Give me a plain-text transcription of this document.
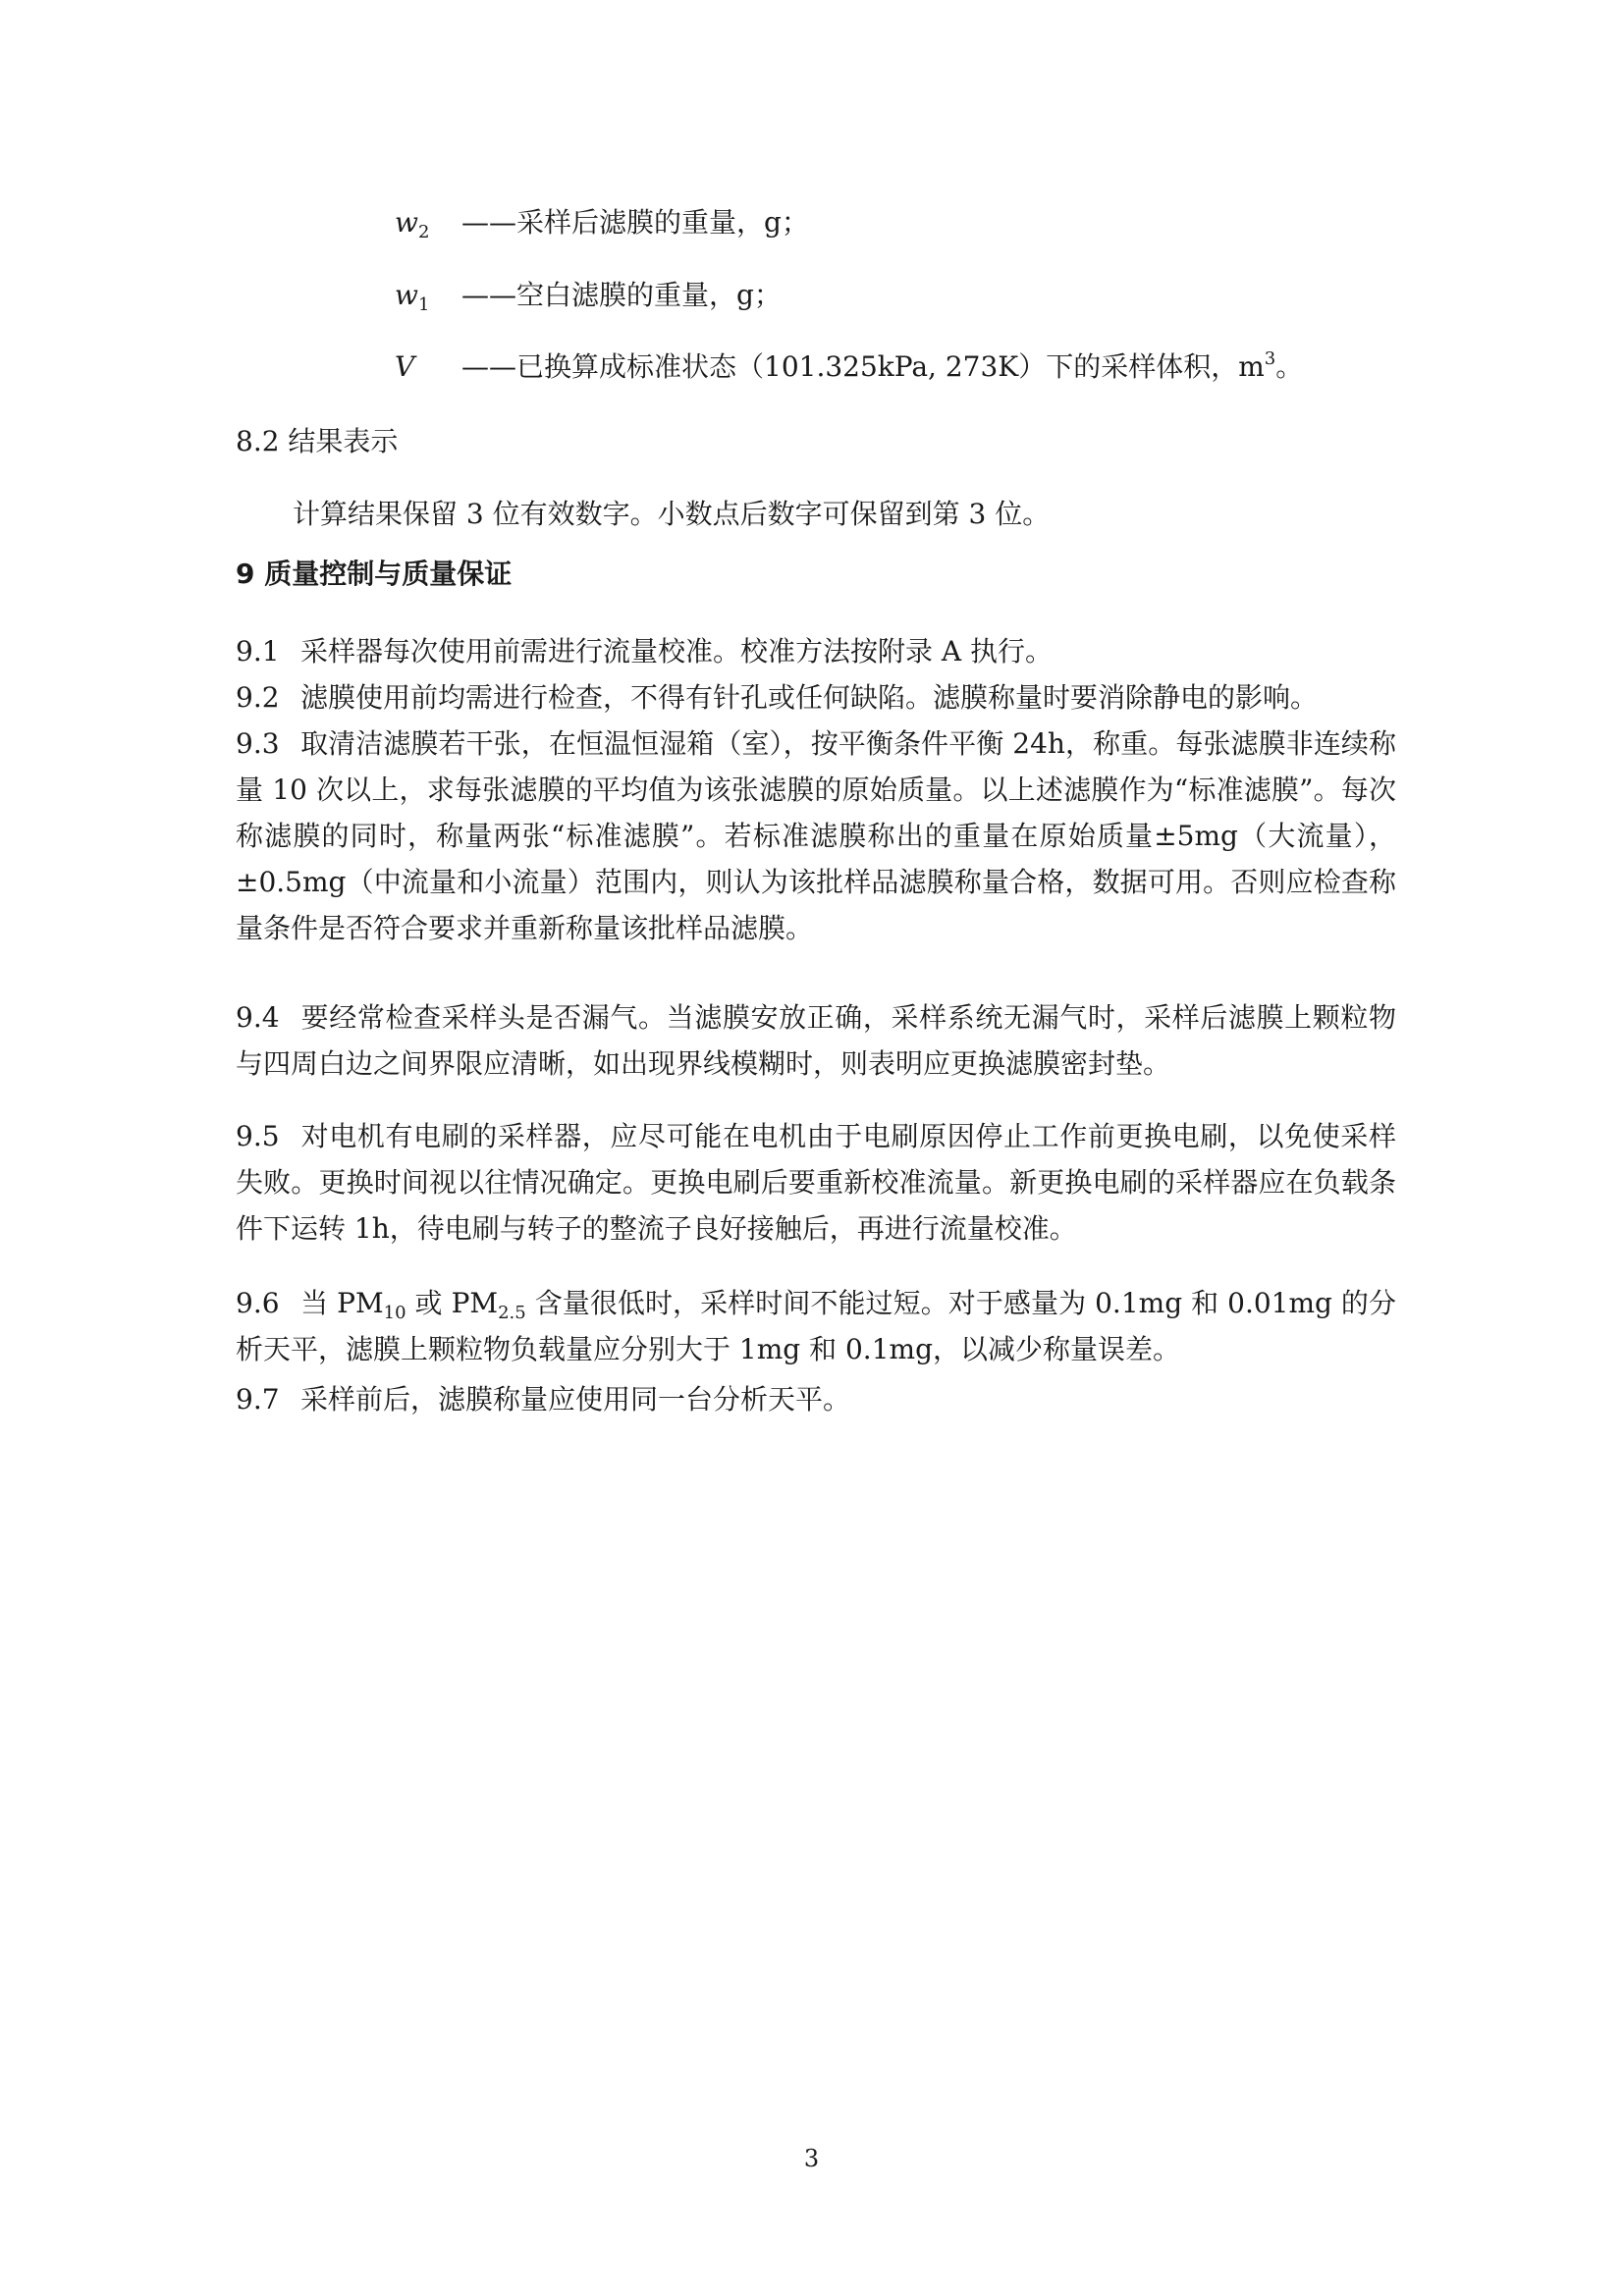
$w_2$ ——采样后滤膜的重量，g；
$w_1$ ——空白滤膜的重量，g；
V ——已换算成标准状态（101.325kPa, 273K）下的采样体积，$m^3$。
8.2 结果表示
计算结果保留 3 位有效数字。小数点后数字可保留到第 3 位。
9 质量控制与质量保证
9.1 采样器每次使用前需进行流量校准。校准方法按附录 A 执行。
9.2 滤膜使用前均需进行检查，不得有针孔或任何缺陷。滤膜称量时要消除静电的影响。
9.3 取清洁滤膜若干张，在恒温恒湿箱（室），按平衡条件平衡 24h，称重。每张滤膜非连续称量 10 次以上，求每张滤膜的平均值为该张滤膜的原始质量。以上述滤膜作为“标准滤膜”。每次称滤膜的同时，称量两张“标准滤膜”。若标准滤膜称出的重量在原始质量±5mg（大流量），±0.5mg（中流量和小流量）范围内，则认为该批样品滤膜称量合格，数据可用。否则应检查称量条件是否符合要求并重新称量该批样品滤膜。
9.4 要经常检查采样头是否漏气。当滤膜安放正确，采样系统无漏气时，采样后滤膜上颗粒物与四周白边之间界限应清晰，如出现界线模糊时，则表明应更换滤膜密封垫。
9.5 对电机有电刷的采样器，应尽可能在电机由于电刷原因停止工作前更换电刷，以免使采样失败。更换时间视以往情况确定。更换电刷后要重新校准流量。新更换电刷的采样器应在负载条件下运转 1h，待电刷与转子的整流子良好接触后，再进行流量校准。
9.6 当 $PM_{10}$ 或 $PM_{2.5}$ 含量很低时，采样时间不能过短。对于感量为 0.1mg 和 0.01mg 的分析天平，滤膜上颗粒物负载量应分别大于 1mg 和 0.1mg，以减少称量误差。
9.7 采样前后，滤膜称量应使用同一台分析天平。
3
